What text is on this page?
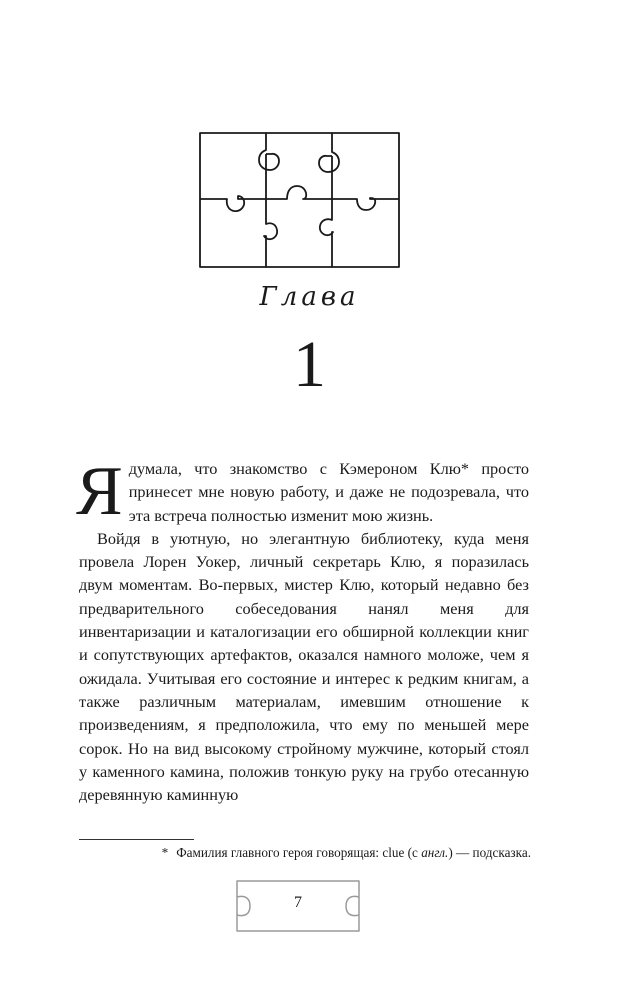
Глава
1

Я думала, что знакомство с Кэмероном Клю* просто принесет мне новую работу, и даже не подозревала, что эта встреча полностью изменит мою жизнь.

Войдя в уютную, но элегантную библиотеку, куда меня провела Лорен Уокер, личный секретарь Клю, я поразилась двум моментам. Во-первых, мистер Клю, который недавно без предварительного собеседования нанял меня для инвентаризации и каталогизации его обширной коллекции книг и сопутствующих артефактов, оказался намного моложе, чем я ожидала. Учитывая его состояние и интерес к редким книгам, а также различным материалам, имевшим отношение к произведениям, я предположила, что ему по меньшей мере сорок. Но на вид высокому стройному мужчине, который стоял у каменного камина, положив тонкую руку на грубо отесанную деревянную каминную

* Фамилия главного героя говорящая: clue (с англ.) — подсказка.
7
